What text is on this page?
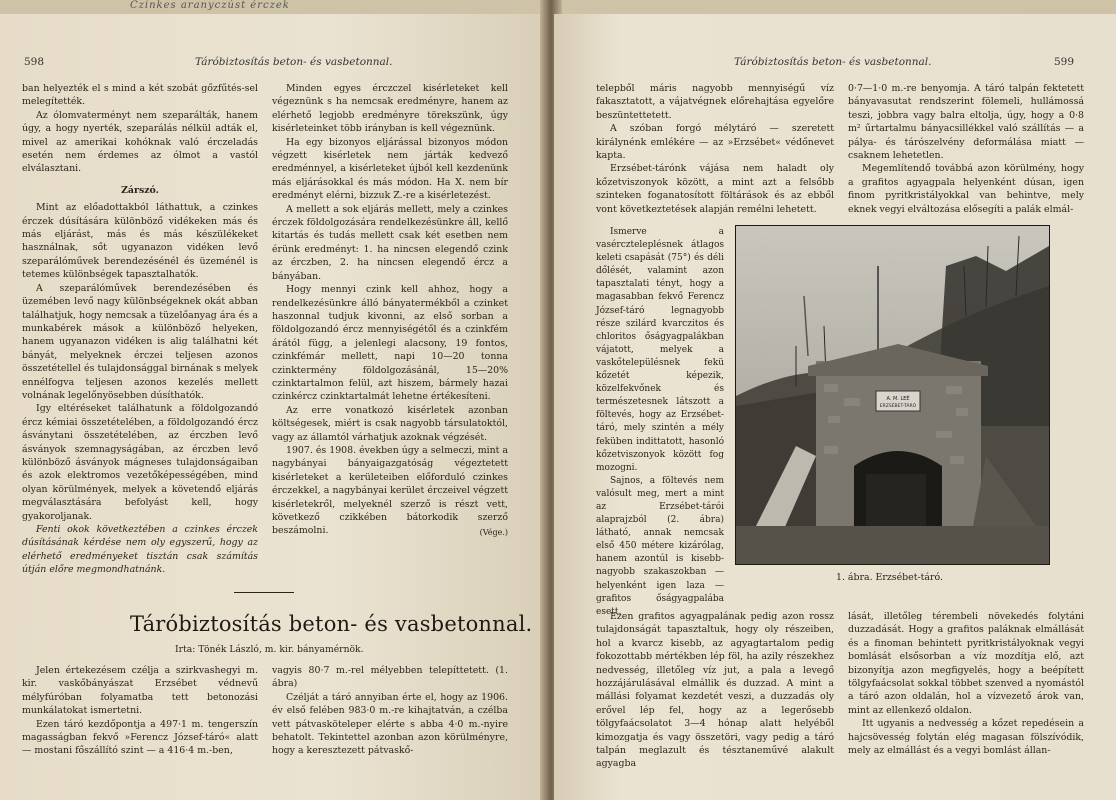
Czinkes aranyczúst érczek
598	Táróbiztosítás beton- és vasbetonnal.

ban helyezték el s mind a két szobát gőzfűtés-sel melegítették.

Az ólomvaterményt nem szeparálták, hanem úgy, a hogy nyerték, szeparálás nélkül adták el, mivel az amerikai kohóknak való érczeladás esetén nem érdemes az ólmot a vastól elválasztani.

Zárszó.

Mint az előadottakból láthattuk, a czinkes érczek dúsítására különböző vidékeken más és más eljárást, más és más készülékeket használnak, sőt ugyanazon vidéken levő szeparálóművek berendezésénél és üzeménél is tetemes különbségek tapasztalhatók.

A szeparálóművek berendezésében és üzemében levő nagy különbségeknek okát abban találhatjuk, hogy nemcsak a tüzelőanyag ára és a munkabérek mások a különböző helyeken, hanem ugyanazon vidéken is alig találhatni két bányát, melyeknek érczei teljesen azonos összetétellel és tulajdonsággal birnának s melyek ennélfogva teljesen azonos kezelés mellett volnának legelőnyösebben dúsíthatók.

Igy eltéréseket találhatunk a földolgozandó ércz kémiai összetételében, a földolgozandó ércz ásványtani összetételében, az érczben levő ásványok szemnagyságában, az érczben levő különböző ásványok mágneses tulajdonságaiban és azok elektromos vezetőképességében, mind olyan körülmények, melyek a követendő eljárás megválasztására befolyást kell, hogy gyakoroljanak.

Fenti okok következtében a czinkes érczek dúsításának kérdése nem oly egyszerű, hogy az elérhető eredményeket tisztán csak számítás útján előre megmondhatnánk.

Minden egyes érczczel kisérleteket kell végeznünk s ha nemcsak eredményre, hanem az elérhető legjobb eredményre törekszünk, úgy kisérleteinket több irányban is kell végeznünk.

Ha egy bizonyos eljárással bizonyos módon végzett kisérletek nem járták kedvező eredménnyel, a kisérleteket újból kell kezdenünk más eljárásokkal és más módon. Ha X. nem bír eredményt elérni, bizzuk Z.-re a kisérletezést.

A mellett a sok eljárás mellett, mely a czinkes érczek földolgozására rendelkezésünkre áll, kellő kitartás és tudás mellett csak két esetben nem érünk eredményt: 1. ha nincsen elegendő czink az érczben, 2. ha nincsen elegendő ércz a bányában.

Hogy mennyi czink kell ahhoz, hogy a rendelkezésünkre álló bányatermékből a czinket haszonnal tudjuk kivonni, az első sorban a földolgozandó ércz mennyiségétől és a czinkfém árától függ, a jelenlegi alacsony, 19 fontos, czinkfémár mellett, napi 10—20 tonna czinktermény földolgozásánál, 15—20% czinktartalmon felül, azt hiszem, bármely hazai czinkércz czinktartalmát lehetne értékesíteni.

Az erre vonatkozó kisérletek azonban költségesek, miért is csak nagyobb társulatoktól, vagy az államtól várhatjuk azoknak végzését.

1907. és 1908. években úgy a selmeczi, mint a nagybányai bányaigazgatóság végeztetett kisérleteket a kerületeiben előforduló czinkes érczekkel, a nagybányai kerület érczeivel végzett kisérletekről, melyeknél szerző is részt vett, következő czikkében bátorkodik szerző beszámolni.	(Vége.)

Táróbiztosítás beton- és vasbetonnal.
Irta: Tönék László, m. kir. bányamérnök.

Jelen értekezésem czélja a szirkvashegyi m. kir. vaskőbányászat Erzsébet védnevű mélyfúróban folyamatba tett betonozási munkálatokat ismertetni.

Ezen táró kezdőpontja a 497·1 m. tengerszín magasságban fekvő »Ferencz József-táró« alatt — mostani főszállító szint — a 416·4 m.-ben,

vagyis 80·7 m.-rel mélyebben telepíttetett. (1. ábra)

Czélját a táró annyiban érte el, hogy az 1906. év első felében 983·0 m.-re kihajtatván, a czélba vett pátvasköteleper elérte s abba 4·0 m.-nyire behatolt. Tekintettel azonban azon körülményre, hogy a keresztezett pátvaskő-

Táróbiztosítás beton- és vasbetonnal.	599

telepből máris nagyobb mennyiségű víz fakasztatott, a vájatvégnek előrehajtása egyelőre beszüntettetett.

A szóban forgó mélytáró — szeretett királynénk emlékére — az »Erzsébet« védőnevet kapta.

Erzsébet-tárónk vájása nem haladt oly kőzetviszonyok között, a mint azt a felsőbb szinteken foganatosított föltárások és az ebből vont következtetések alapján remélni lehetett.

Ismerve a vasérczteleplésnek átlagos keleti csapását (75°) és déli dőlését, valamint azon tapasztalati tényt, hogy a magasabban fekvő Ferencz József-táró legnagyobb része szilárd kvarczitos és chloritos őságyagpalákban vájatott, melyek a vaskőtelepülésnek fekü kőzetét képezik, közelfekvőnek és természetesnek látszott a föltevés, hogy az Erzsébet-táró, mely szintén a mély feküben indittatott, hasonló kőzetviszonyok között fog mozogni.

Sajnos, a föltevés nem valósult meg, mert a mint az Erzsébet-tárói alaprajzból (2. ábra) látható, annak nemcsak első 450 métere kizárólag, hanem azontúl is kisebb-nagyobb szakaszokban — helyenként igen laza — grafitos őságyagpalába esett.

Ezen grafitos agyagpalának pedig azon rossz tulajdonságát tapasztaltuk, hogy oly részeiben, hol a kvarcz kisebb, az agyagtartalom pedig fokozottabb mértékben lép föl, ha azily részekhez nedvesség, illetőleg víz jut, a pala a levegő hozzájárulásával elmállik és duzzad. A mint a mállási folyamat kezdetét veszi, a duzzadás oly erővel lép fel, hogy az a legerősebb tölgyfaácsolatot 3—4 hónap alatt helyéből kimozgatja és vagy összetöri, vagy pedig a táró talpán meglazult és tésztaneművé alakult agyagba

0·7—1·0 m.-re benyomja. A táró talpán fektetett bányavasutat rendszerint fölemeli, hullámossá teszi, jobbra vagy balra eltolja, úgy, hogy a 0·8 m² űrtartalmu bányacsillékkel való szállítás — a pálya- és tárószelvény deformálása miatt — csaknem lehetetlen.

Megemlítendő továbbá azon körülmény, hogy a grafitos agyagpala helyenként dúsan, igen finom pyritkristályokkal van behintve, mely eknek vegyi elváltozása elősegíti a palák elmál-

lását, illetőleg térembeli növekedés folytáni duzzadását. Hogy a grafitos paláknak elmállását és a finoman behintett pyritkristályoknak vegyi bomlását elsősorban a víz mozdítja elő, azt bizonyítja azon megfigyelés, hogy a beépített tölgyfaácsolat sokkal többet szenved a nyomástól a táró azon oldalán, hol a vízvezető árok van, mint az ellenkező oldalon.

Itt ugyanis a nedvesség a kőzet repedésein a hajcsövesség folytán elég magasan fölszívódik, mely az elmállást és a vegyi bomlást állan-

A. M. LEÉ
ERZSÉBET-TÁRÓ
1. ábra. Erzsébet-táró.
